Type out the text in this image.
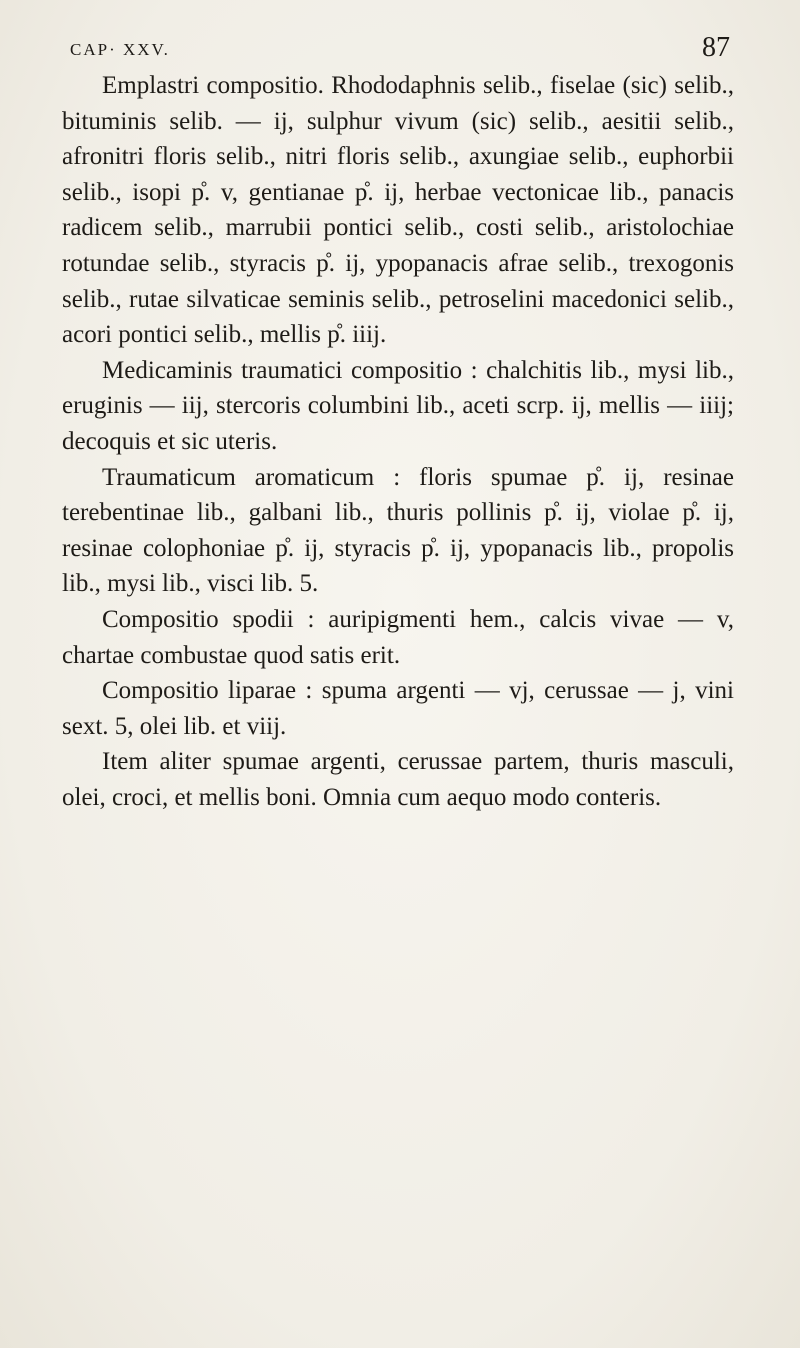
CAP· XXV.	87

Emplastri compositio. Rhododaphnis selib., fiselae (sic) selib., bituminis selib. — ij, sulphur vivum (sic) selib., aesitii selib., afronitri floris selib., nitri floris selib., axungiae selib., euphorbii selib., isopi p̊. v, gentianae p̊. ij, herbae vectonicae lib., panacis radicem selib., marrubii pontici selib., costi selib., aristolochiae rotundae selib., styracis p̊. ij, ypopanacis afrae selib., trexogonis selib., rutae silvaticae seminis selib., petroselini macedonici selib., acori pontici selib., mellis p̊. iiij.

Medicaminis traumatici compositio : chalchitis lib., mysi lib., eruginis — iij, stercoris columbini lib., aceti scrp. ij, mellis — iiij; decoquis et sic uteris.

Traumaticum aromaticum : floris spumae p̊. ij, resinae terebentinae lib., galbani lib., thuris pollinis p̊. ij, violae p̊. ij, resinae colophoniae p̊. ij, styracis p̊. ij, ypopanacis lib., propolis lib., mysi lib., visci lib. 5.

Compositio spodii : auripigmenti hem., calcis vivae — v, chartae combustae quod satis erit.

Compositio liparae : spuma argenti — vj, cerussae — j, vini sext. 5, olei lib. et viij.

Item aliter spumae argenti, cerussae partem, thuris masculi, olei, croci, et mellis boni. Omnia cum aequo modo conteris.
